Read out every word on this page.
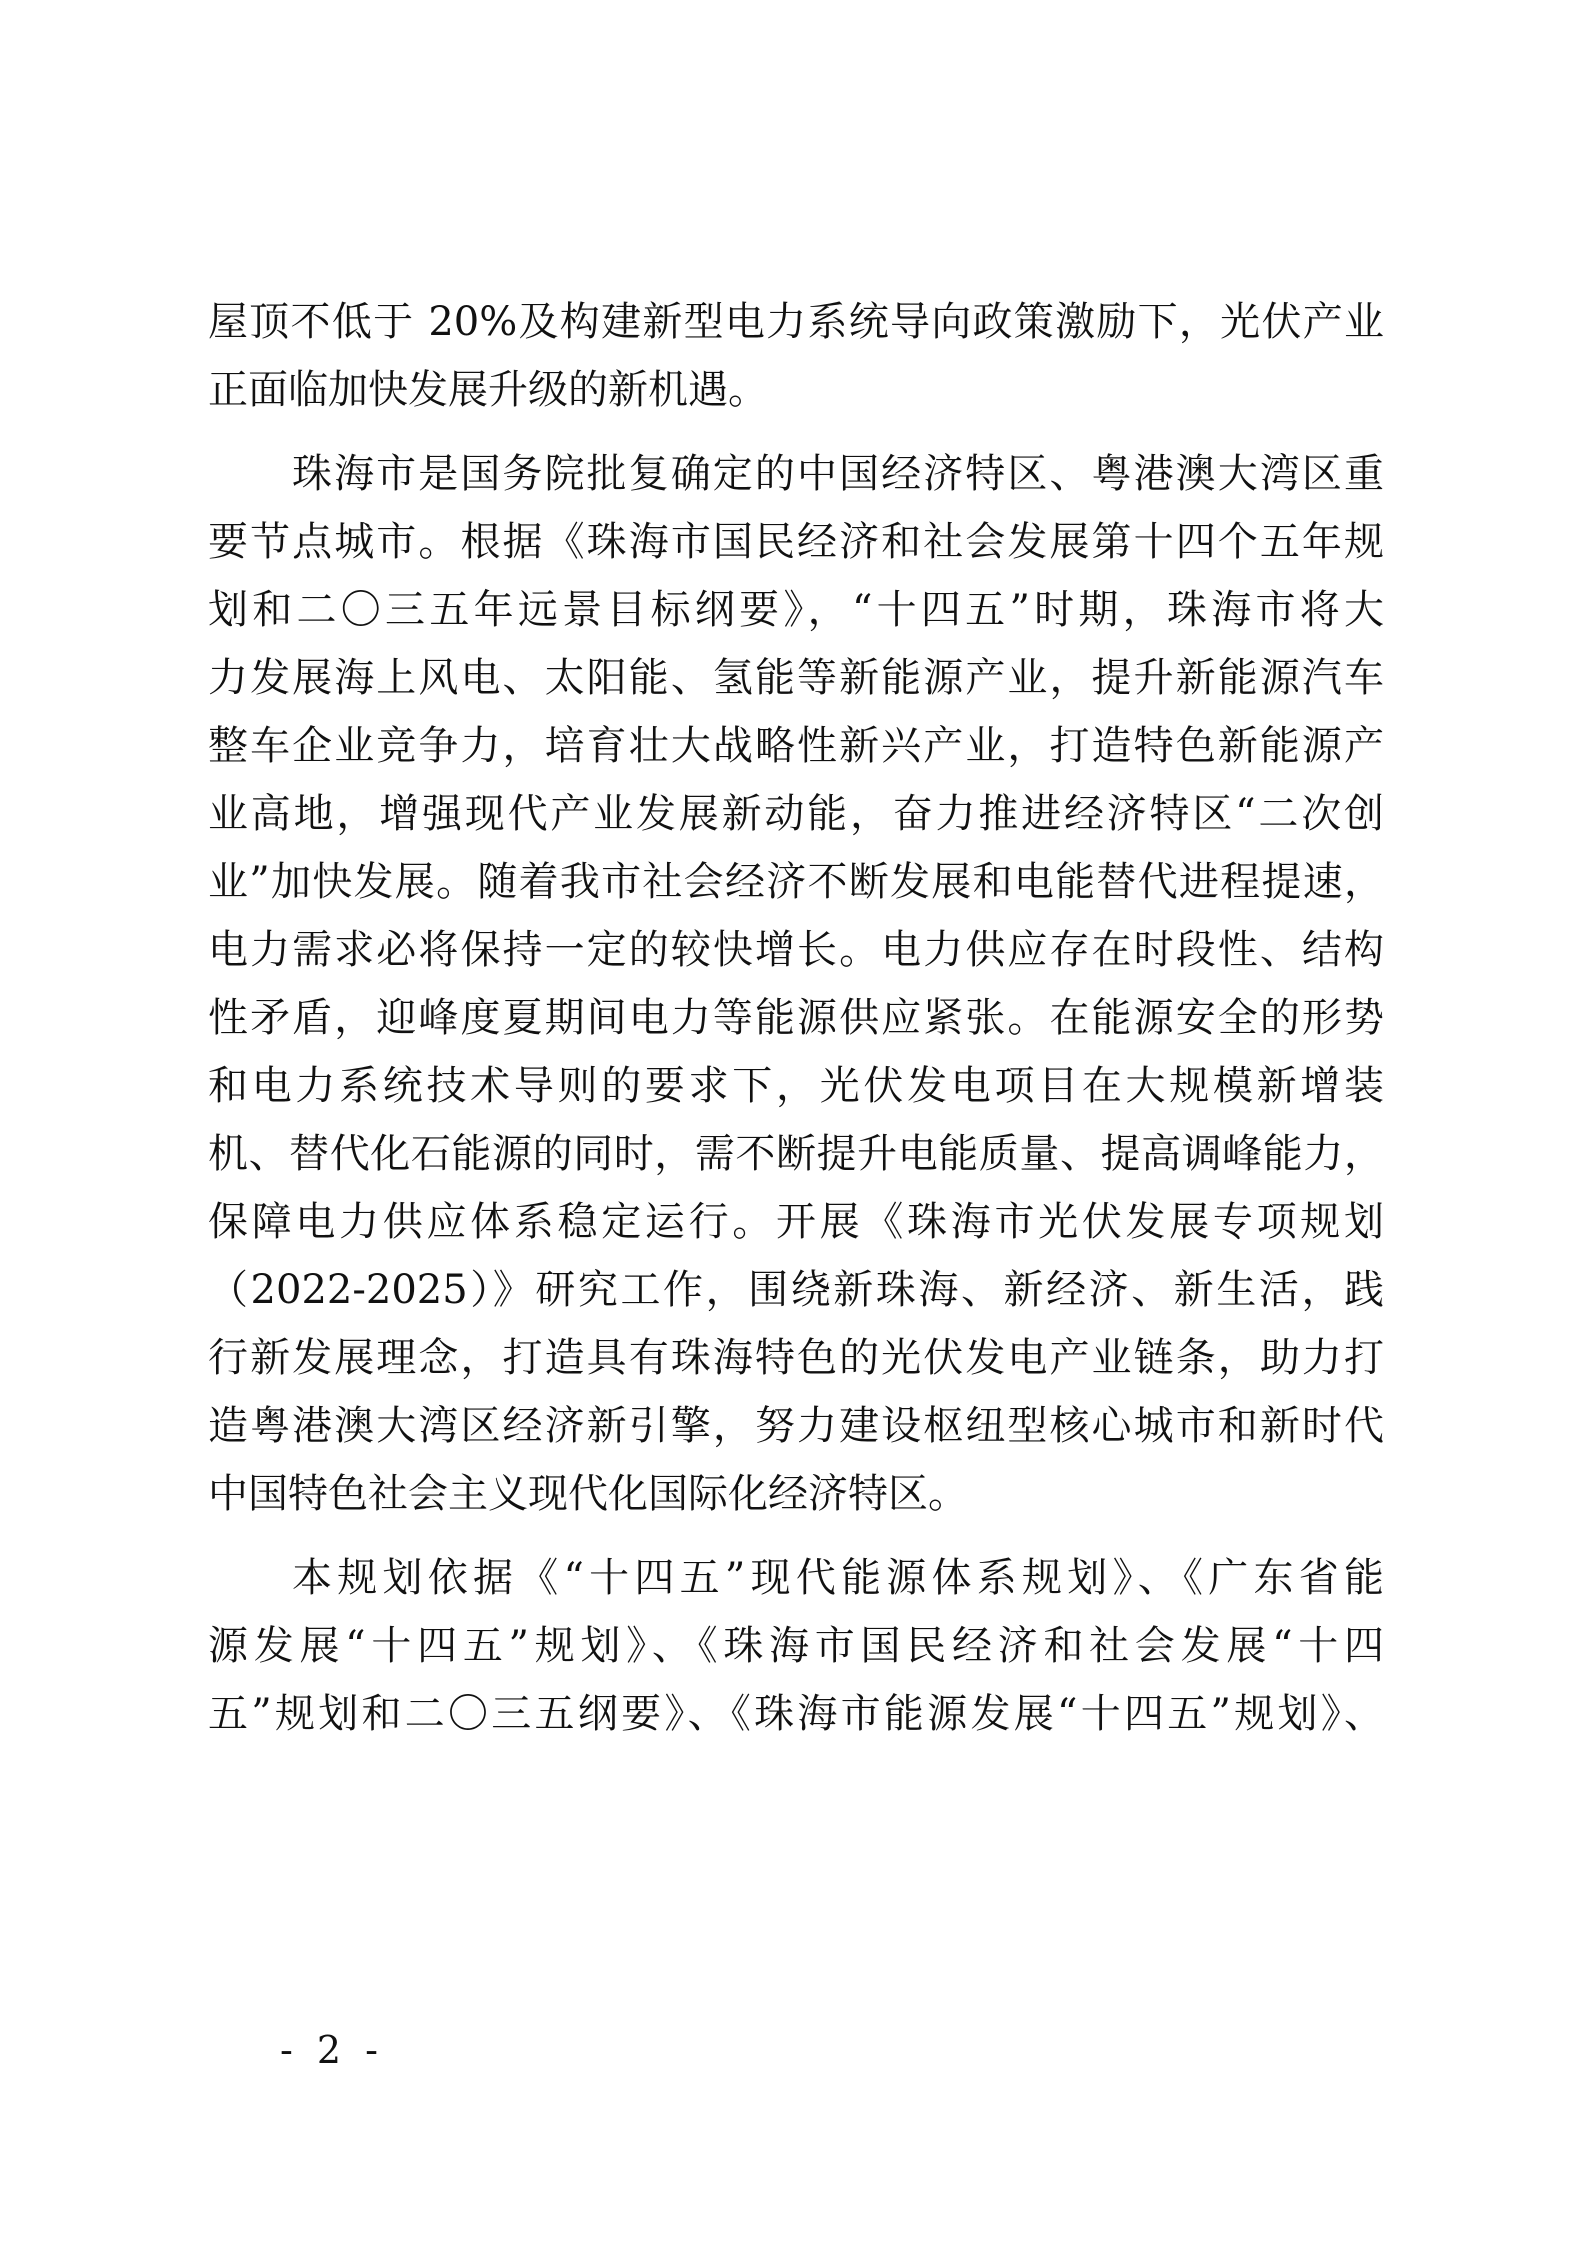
屋顶不低于 20%及构建新型电力系统导向政策激励下，光伏产业
正面临加快发展升级的新机遇。
珠海市是国务院批复确定的中国经济特区、粤港澳大湾区重
要节点城市。根据《珠海市国民经济和社会发展第十四个五年规
划和二〇三五年远景目标纲要》，“十四五”时期，珠海市将大
力发展海上风电、太阳能、氢能等新能源产业，提升新能源汽车
整车企业竞争力，培育壮大战略性新兴产业，打造特色新能源产
业高地，增强现代产业发展新动能，奋力推进经济特区“二次创
业”加快发展。随着我市社会经济不断发展和电能替代进程提速，
电力需求必将保持一定的较快增长。电力供应存在时段性、结构
性矛盾，迎峰度夏期间电力等能源供应紧张。在能源安全的形势
和电力系统技术导则的要求下，光伏发电项目在大规模新增装
机、替代化石能源的同时，需不断提升电能质量、提高调峰能力，
保障电力供应体系稳定运行。开展《珠海市光伏发展专项规划
（2022-2025）》研究工作，围绕新珠海、新经济、新生活，践
行新发展理念，打造具有珠海特色的光伏发电产业链条，助力打
造粤港澳大湾区经济新引擎，努力建设枢纽型核心城市和新时代
中国特色社会主义现代化国际化经济特区。
本规划依据《“十四五”现代能源体系规划》、《广东省能
源发展“十四五”规划》、《珠海市国民经济和社会发展“十四
五”规划和二〇三五纲要》、《珠海市能源发展“十四五”规划》、
- 2 -
